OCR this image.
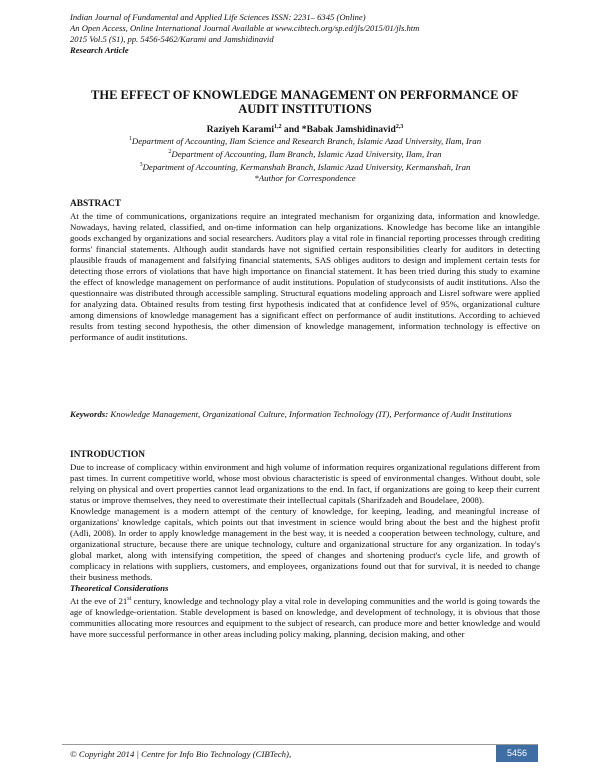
Indian Journal of Fundamental and Applied Life Sciences ISSN: 2231– 6345 (Online)
An Open Access, Online International Journal Available at www.cibtech.org/sp.ed/jls/2015/01/jls.htm
2015 Vol.5 (S1), pp. 5456-5462/Karami and Jamshidinavid
Research Article
THE EFFECT OF KNOWLEDGE MANAGEMENT ON PERFORMANCE OF AUDIT INSTITUTIONS
Raziyeh Karami$^{1,2}$ and *Babak Jamshidinavid$^{2,3}$
$^1$Department of Accounting, Ilam Science and Research Branch, Islamic Azad University, Ilam, Iran
$^2$Department of Accounting, Ilam Branch, Islamic Azad University, Ilam, Iran
$^3$Department of Accounting, Kermanshah Branch, Islamic Azad University, Kermanshah, Iran
*Author for Correspondence
ABSTRACT

At the time of communications, organizations require an integrated mechanism for organizing data, information and knowledge. Nowadays, having related, classified, and on-time information can help organizations. Knowledge has become like an intangible goods exchanged by organizations and social researchers. Auditors play a vital role in financial reporting processes through crediting forms' financial statements. Although audit standards have not signified certain responsibilities clearly for auditors in detecting plausible frauds of management and falsifying financial statements, SAS obliges auditors to design and implement certain tests for detecting those errors of violations that have high importance on financial statement. It has been tried during this study to examine the effect of knowledge management on performance of audit institutions. Population of studyconsists of audit institutions. Also the questionnaire was distributed through accessible sampling. Structural equations modeling approach and Lisrel software were applied for analyzing data. Obtained results from testing first hypothesis indicated that at confidence level of 95%, organizational culture among dimensions of knowledge management has a significant effect on performance of audit institutions. According to achieved results from testing second hypothesis, the other dimension of knowledge management, information technology is effective on performance of audit institutions.

Keywords: Knowledge Management, Organizational Culture, Information Technology (IT), Performance of Audit Institutions
INTRODUCTION

Due to increase of complicacy within environment and high volume of information requires organizational regulations different from past times. In current competitive world, whose most obvious characteristic is speed of environmental changes. Without doubt, sole relying on physical and overt properties cannot lead organizations to the end. In fact, if organizations are going to keep their current status or improve themselves, they need to overestimate their intellectual capitals (Sharifzadeh and Boudelaee, 2008).

Knowledge management is a modern attempt of the century of knowledge, for keeping, leading, and meaningful increase of organizations' knowledge capitals, which points out that investment in science would bring about the best and the highest profit (Adli, 2008). In order to apply knowledge management in the best way, it is needed a cooperation between technology, culture, and organizational structure, because there are unique technology, culture and organizational structure for any organization. In today's global market, along with intensifying competition, the speed of changes and shortening product's cycle life, and growth of complicacy in relations with suppliers, customers, and employees, organizations found out that for survival, it is needed to change their business methods.

Theoretical Considerations

At the eve of 21st century, knowledge and technology play a vital role in developing communities and the world is going towards the age of knowledge-orientation. Stable development is based on knowledge, and development of technology, it is obvious that those communities allocating more resources and equipment to the subject of research, can produce more and better knowledge and would have more successful performance in other areas including policy making, planning, decision making, and other

© Copyright 2014 | Centre for Info Bio Technology (CIBTech),	5456
